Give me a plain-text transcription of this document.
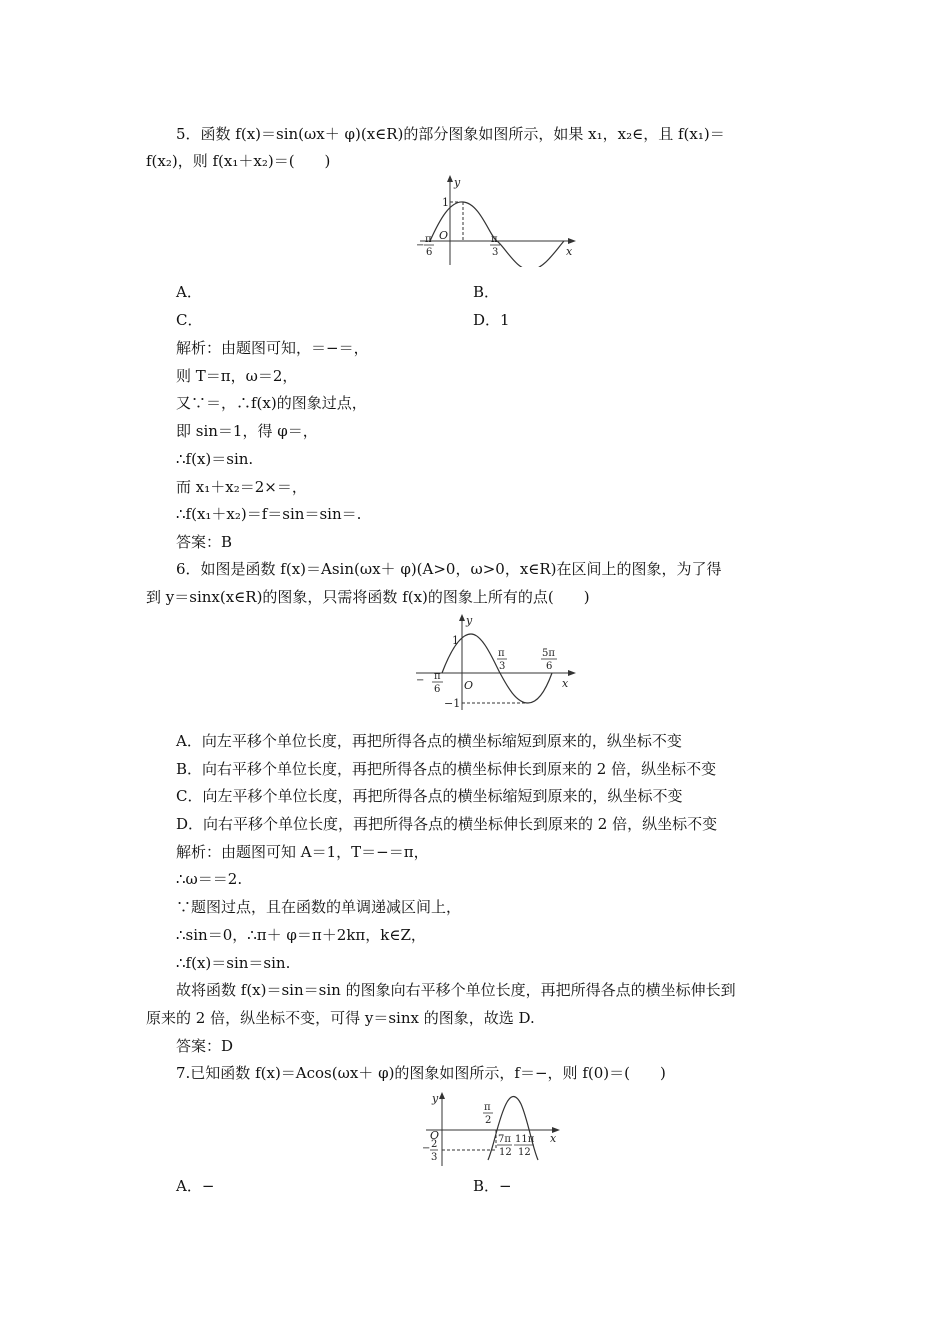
5．函数 f(x)＝sin(ωx＋ φ)(x∈R)的部分图象如图所示，如果 x₁，x₂∈，且 f(x₁)＝
f(x₂)，则 f(x₁＋x₂)＝(　　)
y
x
O
1
−
π
6
π
3
A．	B．
C．	D．1
解析：由题图可知，＝−＝，
则 T＝π，ω＝2，
又∵＝，∴f(x)的图象过点，
即 sin＝1，得 φ＝，
∴f(x)＝sin.
而 x₁＋x₂＝2×＝，
∴f(x₁＋x₂)＝f＝sin＝sin＝.
答案：B
6．如图是函数 f(x)＝Asin(ωx＋ φ)(A>0，ω>0，x∈R)在区间上的图象，为了得
到 y＝sinx(x∈R)的图象，只需将函数 f(x)的图象上所有的点(　　)
y
x
O
1
−1
− π
6
π
3
5π
6
A．向左平移个单位长度，再把所得各点的横坐标缩短到原来的，纵坐标不变
B．向右平移个单位长度，再把所得各点的横坐标伸长到原来的 2 倍，纵坐标不变
C．向左平移个单位长度，再把所得各点的横坐标缩短到原来的，纵坐标不变
D．向右平移个单位长度，再把所得各点的横坐标伸长到原来的 2 倍，纵坐标不变
解析：由题图可知 A＝1，T＝−＝π，
∴ω＝＝2.
∵题图过点，且在函数的单调递减区间上，
∴sin＝0，∴π＋ φ＝π＋2kπ，k∈Z，
∴f(x)＝sin＝sin.
故将函数 f(x)＝sin＝sin 的图象向右平移个单位长度，再把所得各点的横坐标伸长到
原来的 2 倍，纵坐标不变，可得 y＝sinx 的图象，故选 D.
答案：D
7.已知函数 f(x)＝Acos(ωx＋ φ)的图象如图所示，f＝−，则 f(0)＝(　　)
y
x
O
− 2
3
π
2
7π
12
11π
12
A．−	B．−
